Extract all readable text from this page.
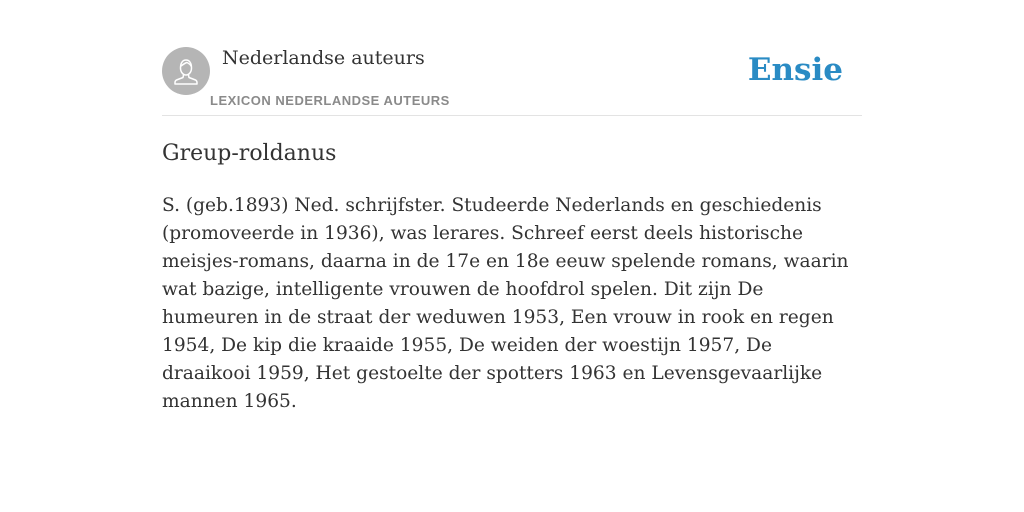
Nederlandse auteurs
LEXICON NEDERLANDSE AUTEURS
Ensie
Greup-roldanus

S. (geb.1893) Ned. schrijfster. Studeerde Nederlands en geschiedenis (promoveerde in 1936), was lerares. Schreef eerst deels historische meisjes-romans, daarna in de 17e en 18e eeuw spelende romans, waarin wat bazige, intelligente vrouwen de hoofdrol spelen. Dit zijn De humeuren in de straat der weduwen 1953, Een vrouw in rook en regen 1954, De kip die kraaide 1955, De weiden der woestijn 1957, De draaikooi 1959, Het gestoelte der spotters 1963 en Levensgevaarlijke mannen 1965.
